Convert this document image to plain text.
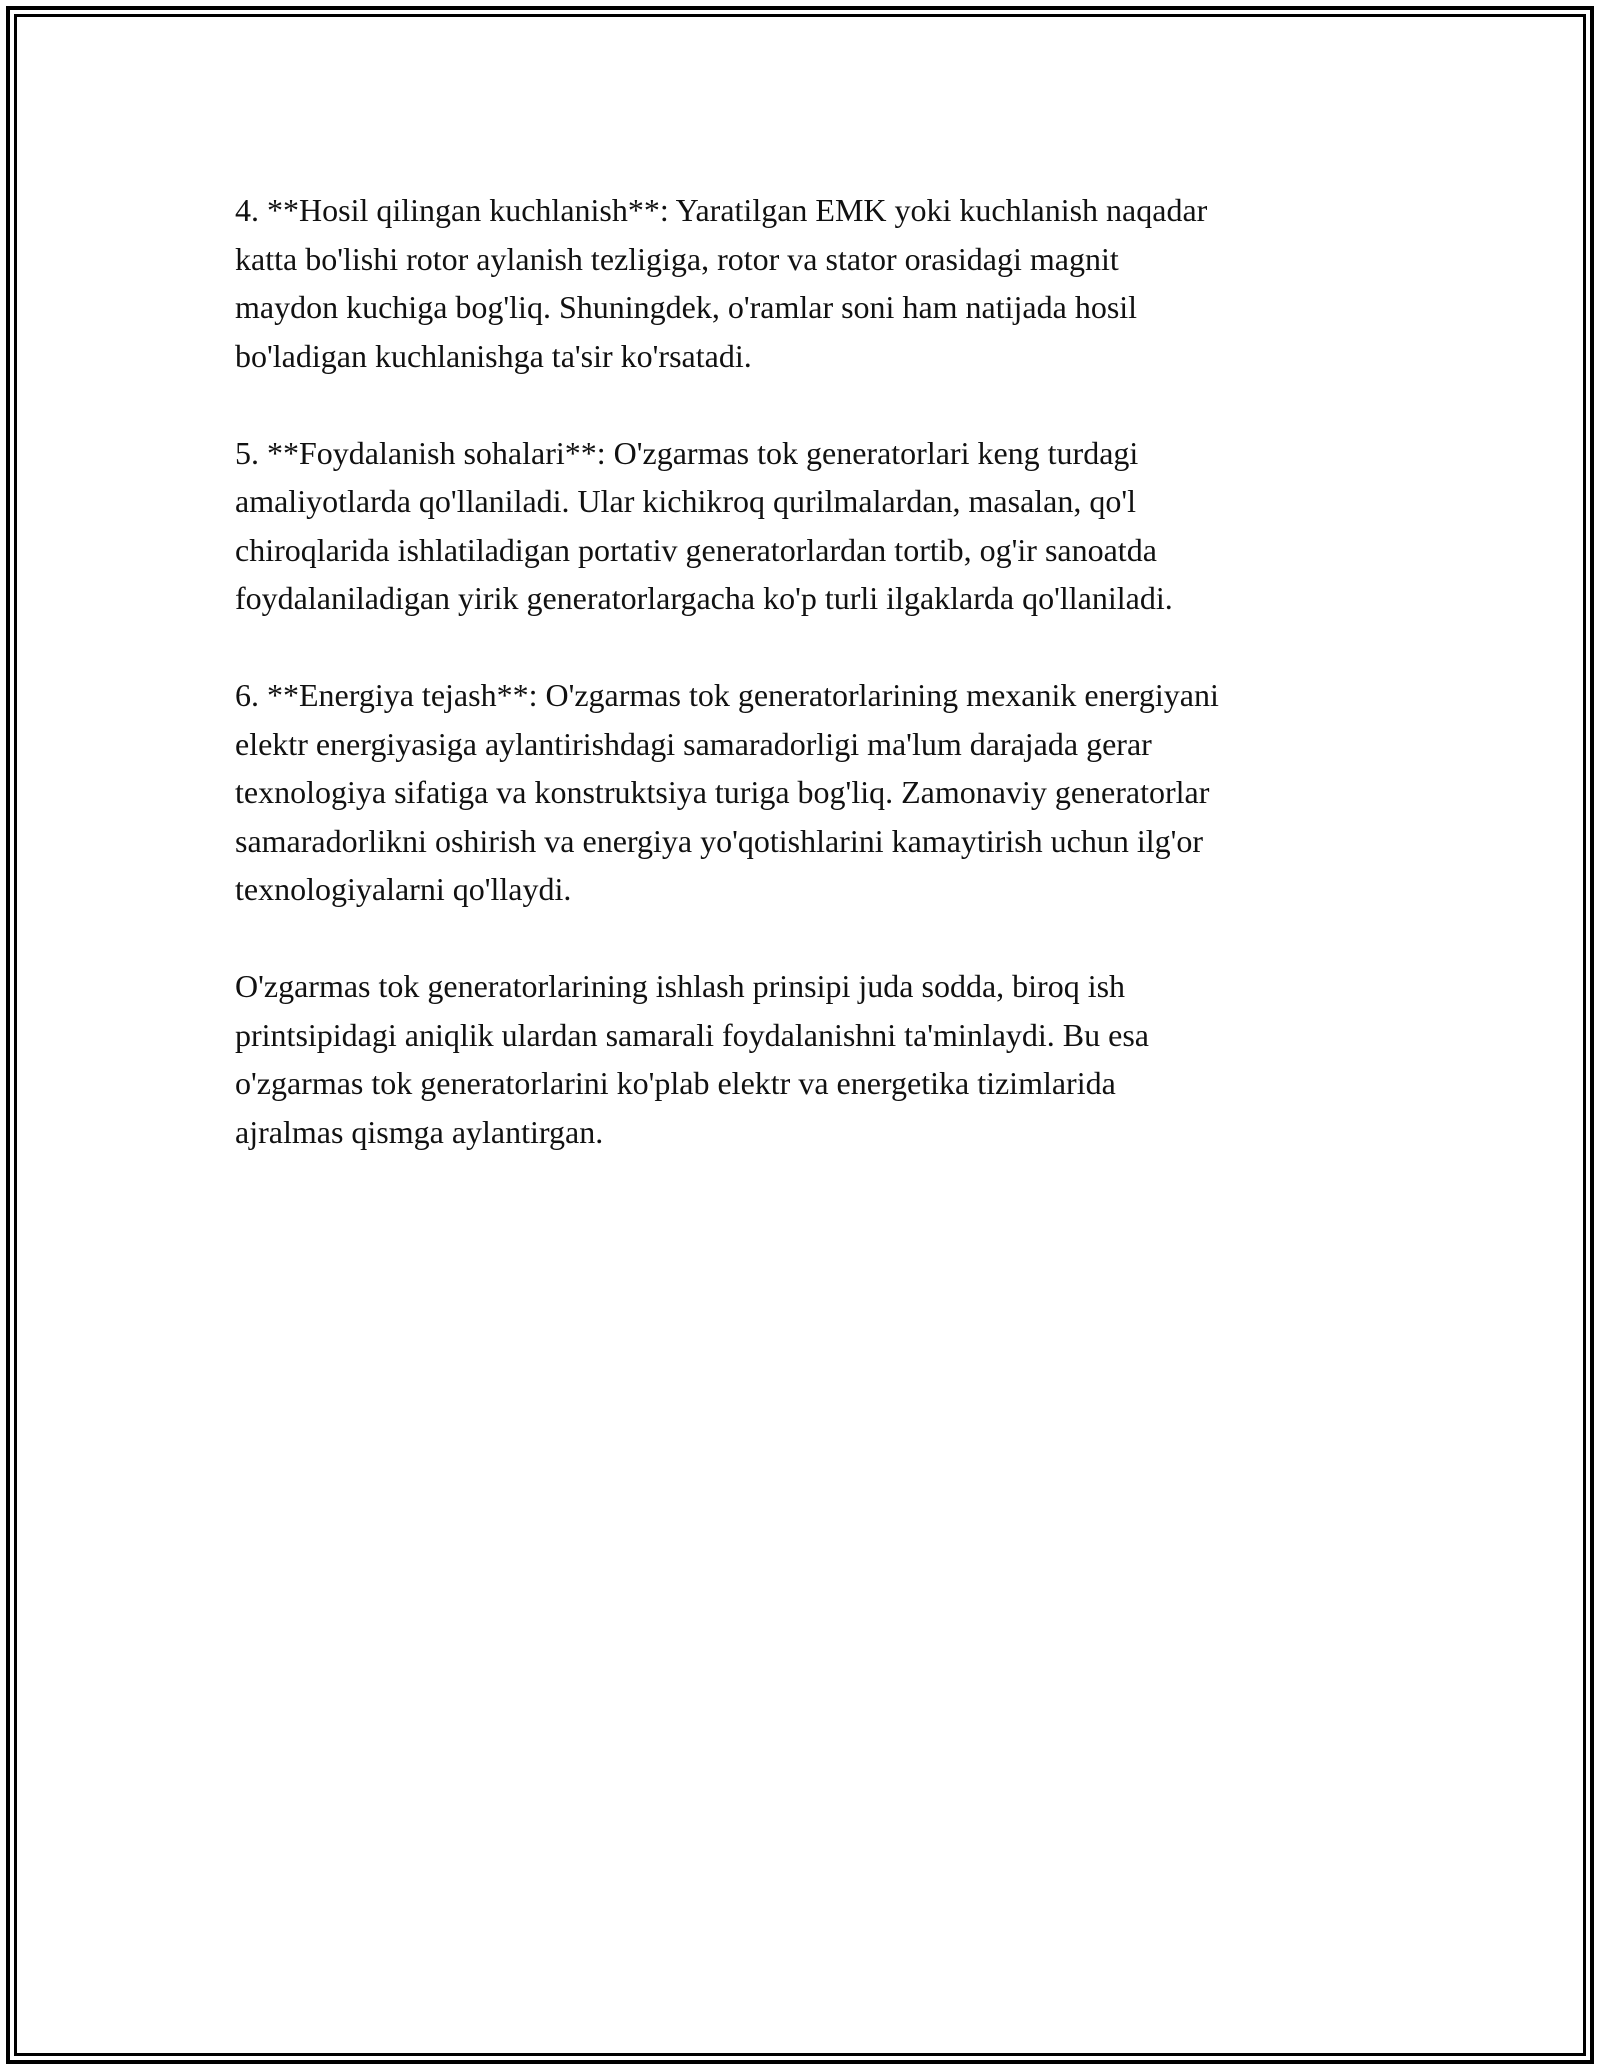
4. **Hosil qilingan kuchlanish**: Yaratilgan EMK yoki kuchlanish naqadar
katta bo'lishi rotor aylanish tezligiga, rotor va stator orasidagi magnit
maydon kuchiga bog'liq. Shuningdek, o'ramlar soni ham natijada hosil
bo'ladigan kuchlanishga ta'sir ko'rsatadi.

5. **Foydalanish sohalari**: O'zgarmas tok generatorlari keng turdagi
amaliyotlarda qo'llaniladi. Ular kichikroq qurilmalardan, masalan, qo'l
chiroqlarida ishlatiladigan portativ generatorlardan tortib, og'ir sanoatda
foydalaniladigan yirik generatorlargacha ko'p turli ilgaklarda qo'llaniladi.

6. **Energiya tejash**: O'zgarmas tok generatorlarining mexanik energiyani
elektr energiyasiga aylantirishdagi samaradorligi ma'lum darajada gerar
texnologiya sifatiga va konstruktsiya turiga bog'liq. Zamonaviy generatorlar
samaradorlikni oshirish va energiya yo'qotishlarini kamaytirish uchun ilg'or
texnologiyalarni qo'llaydi.

O'zgarmas tok generatorlarining ishlash prinsipi juda sodda, biroq ish
printsipidagi aniqlik ulardan samarali foydalanishni ta'minlaydi. Bu esa
o'zgarmas tok generatorlarini ko'plab elektr va energetika tizimlarida
ajralmas qismga aylantirgan.
